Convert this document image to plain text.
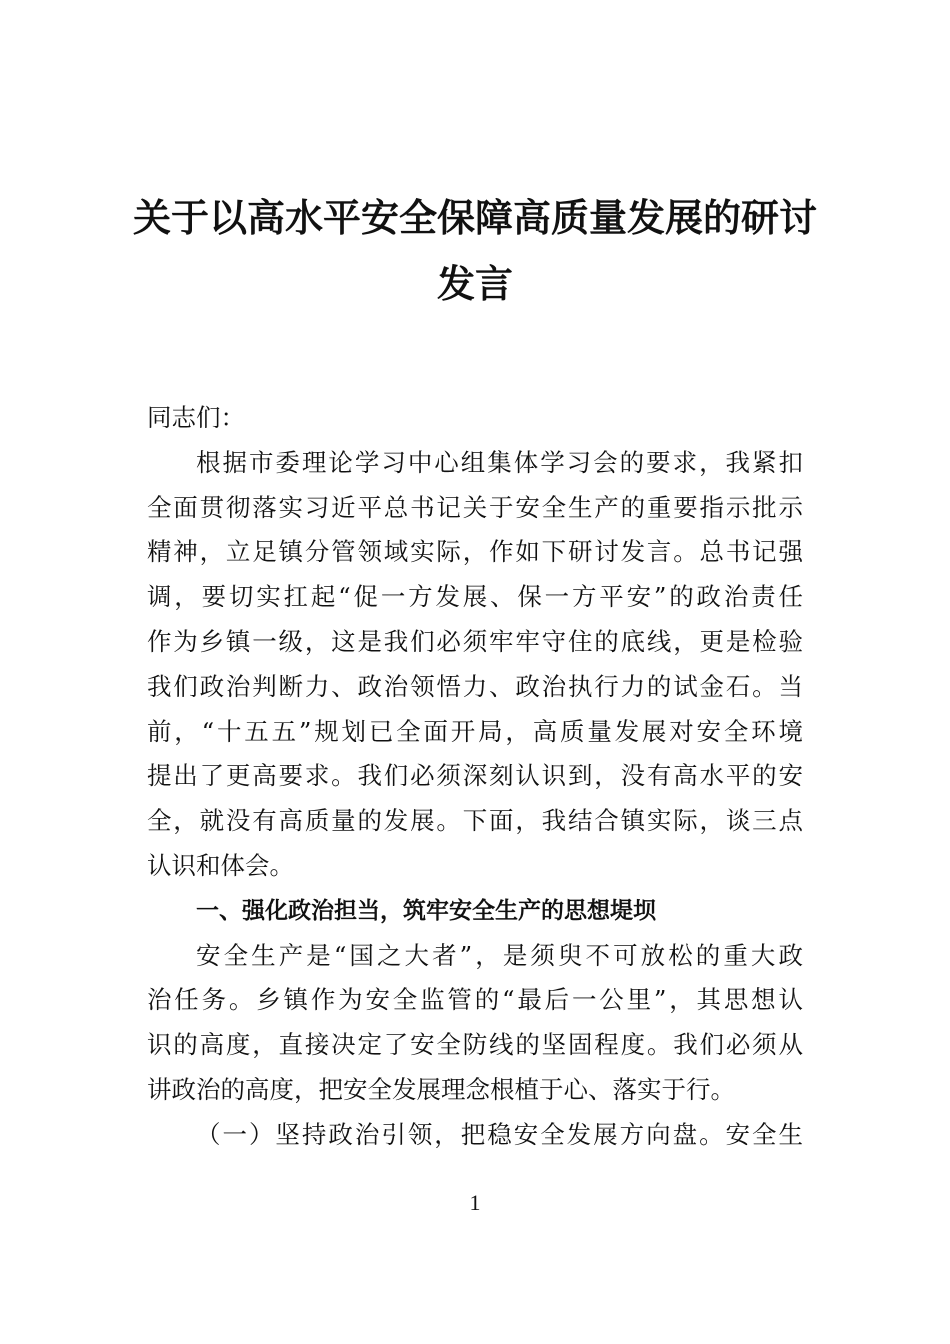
关于以高水平安全保障高质量发展的研讨
发言
同志们：
根据市委理论学习中心组集体学习会的要求，我紧扣
全面贯彻落实习近平总书记关于安全生产的重要指示批示
精神，立足镇分管领域实际，作如下研讨发言。总书记强
调，要切实扛起“促一方发展、保一方平安”的政治责任
作为乡镇一级，这是我们必须牢牢守住的底线，更是检验
我们政治判断力、政治领悟力、政治执行力的试金石。当
前，“十五五”规划已全面开局，高质量发展对安全环境
提出了更高要求。我们必须深刻认识到，没有高水平的安
全，就没有高质量的发展。下面，我结合镇实际，谈三点
认识和体会。
一、强化政治担当，筑牢安全生产的思想堤坝
安全生产是“国之大者”，是须臾不可放松的重大政
治任务。乡镇作为安全监管的“最后一公里”，其思想认
识的高度，直接决定了安全防线的坚固程度。我们必须从
讲政治的高度，把安全发展理念根植于心、落实于行。
（一）坚持政治引领，把稳安全发展方向盘。安全生
1
